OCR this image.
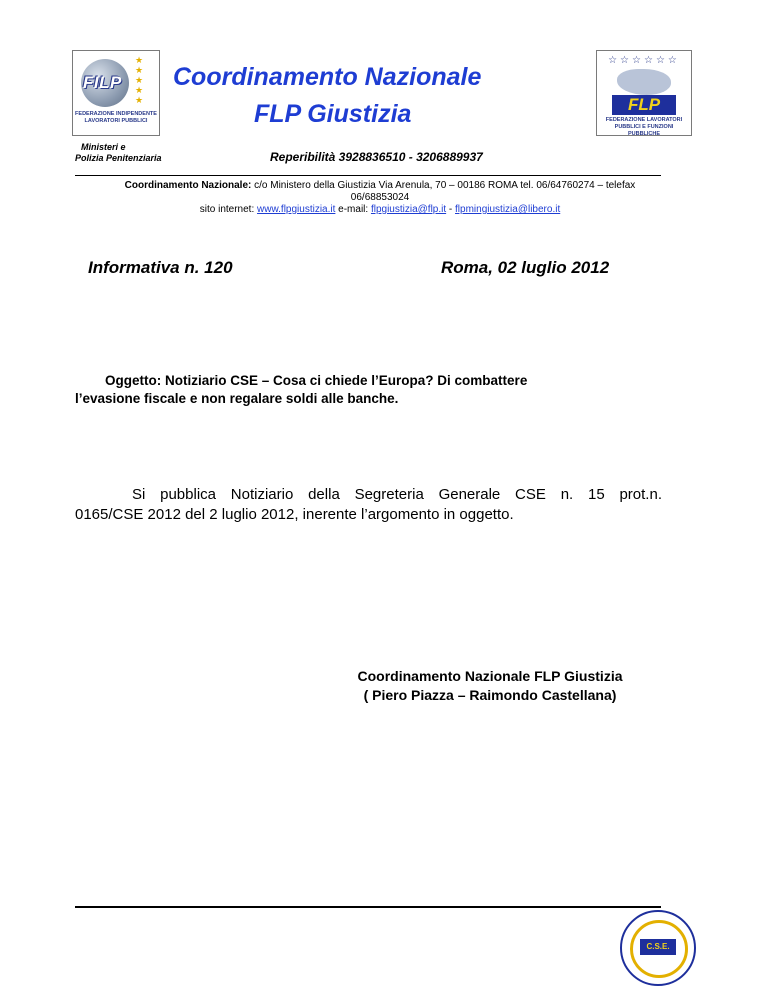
FILP
★
★
★
★
★
FEDERAZIONE INDIPENDENTE LAVORATORI PUBBLICI
Coordinamento Nazionale
FLP Giustizia
☆☆☆☆☆☆
FLP
FEDERAZIONE LAVORATORI PUBBLICI E FUNZIONI PUBBLICHE
Ministeri e
Polizia Penitenziaria	Reperibilità 3928836510 - 3206889937
Coordinamento Nazionale: c/o Ministero della Giustizia Via Arenula, 70 – 00186 ROMA tel. 06/64760274 – telefax
06/68853024
sito internet: www.flpgiustizia.it e-mail: flpgiustizia@flp.it - flpmingiustizia@libero.it
Informativa n. 120	Roma, 02 luglio 2012
Oggetto: Notiziario CSE – Cosa ci chiede l’Europa? Di combattere
l’evasione fiscale e non regalare soldi alle banche.
Si pubblica Notiziario della Segreteria Generale CSE n. 15 prot.n.
0165/CSE 2012 del 2 luglio 2012, inerente l’argomento in oggetto.
Coordinamento Nazionale FLP Giustizia
( Piero Piazza – Raimondo Castellana)
C.S.E.
